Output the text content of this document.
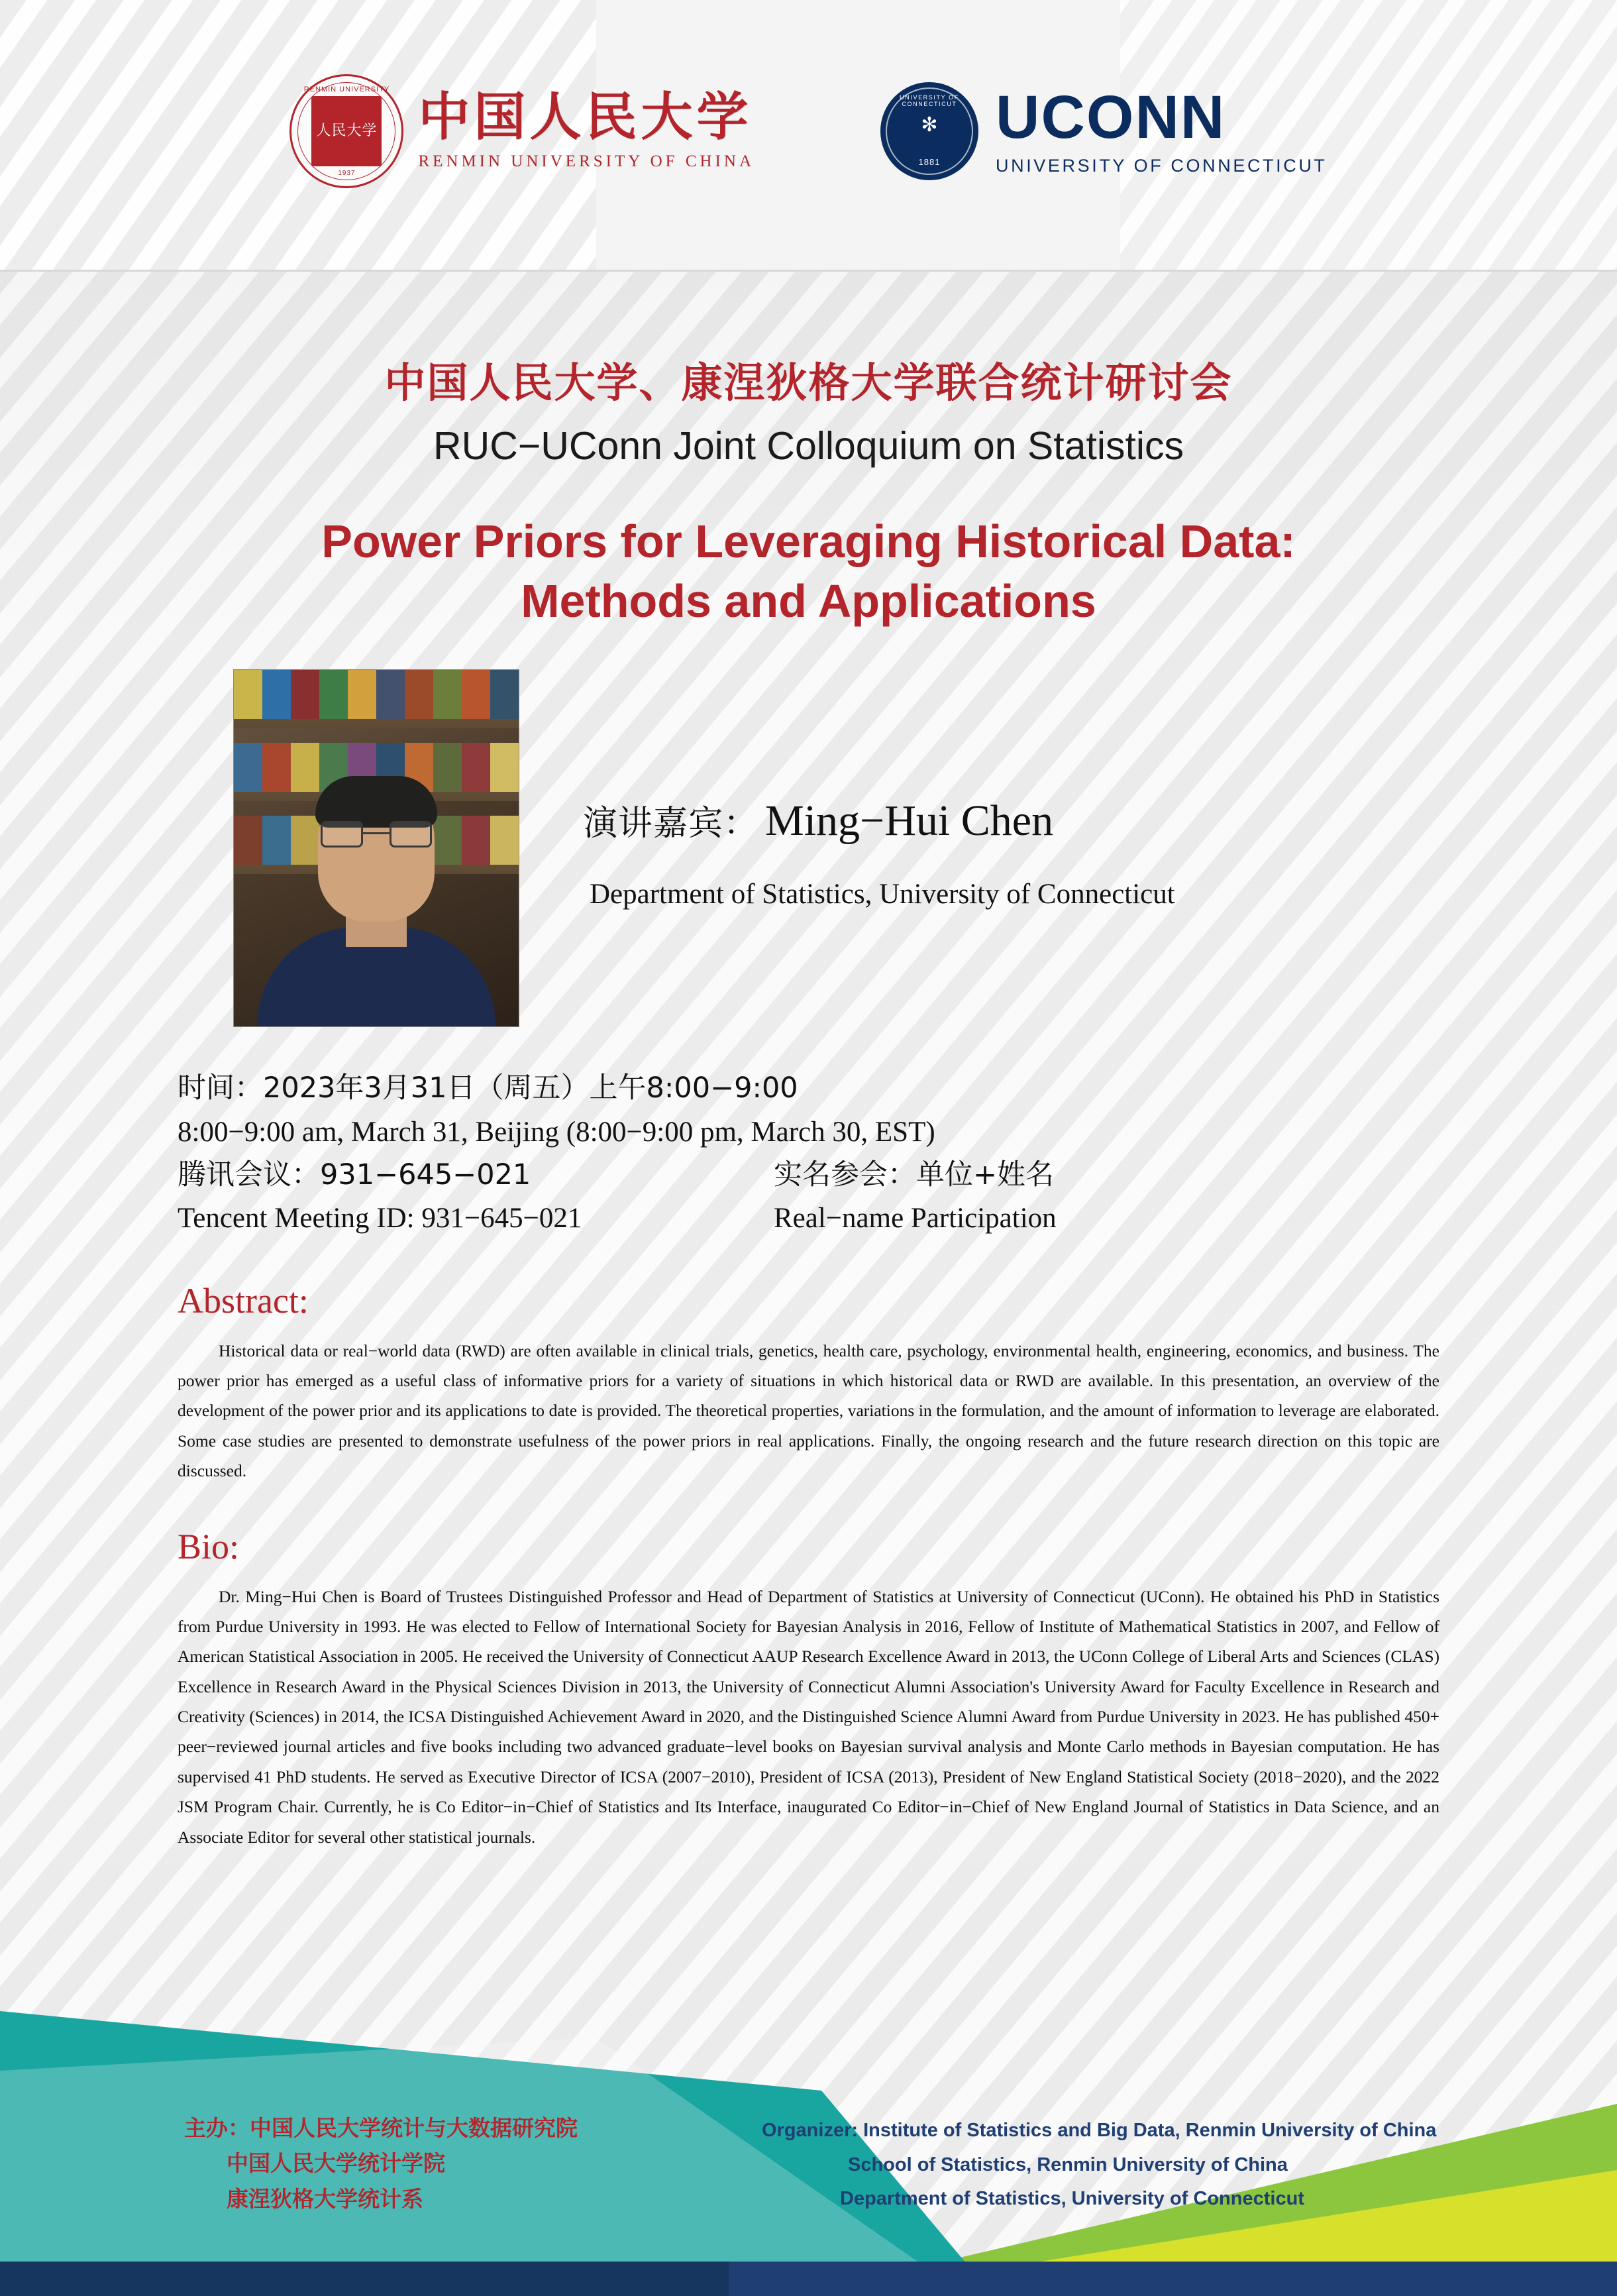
RENMIN UNIVERSITY
人民大学
1937
中国人民大学
RENMIN UNIVERSITY OF CHINA
UNIVERSITY OF CONNECTICUT
✻
1881
UCONN
UNIVERSITY OF CONNECTICUT
中国人民大学、康涅狄格大学联合统计研讨会
RUC−UConn Joint Colloquium on Statistics
Power Priors for Leveraging Historical Data:
Methods and Applications
演讲嘉宾： Ming−Hui Chen
Department of Statistics, University of Connecticut
时间：2023年3月31日（周五）上午8:00−9:00
8:00−9:00 am, March 31, Beijing (8:00−9:00 pm, March 30, EST)
腾讯会议：931−645−021	实名参会：单位+姓名
Tencent Meeting ID: 931−645−021	Real−name Participation
Abstract:

Historical data or real−world data (RWD) are often available in clinical trials, genetics, health care, psychology, environmental health, engineering, economics, and business. The power prior has emerged as a useful class of informative priors for a variety of situations in which historical data or RWD are available. In this presentation, an overview of the development of the power prior and its applications to date is provided. The theoretical properties, variations in the formulation, and the amount of information to leverage are elaborated. Some case studies are presented to demonstrate usefulness of the power priors in real applications. Finally, the ongoing research and the future research direction on this topic are discussed.

Bio:

Dr. Ming−Hui Chen is Board of Trustees Distinguished Professor and Head of Department of Statistics at University of Connecticut (UConn). He obtained his PhD in Statistics from Purdue University in 1993. He was elected to Fellow of International Society for Bayesian Analysis in 2016, Fellow of Institute of Mathematical Statistics in 2007, and Fellow of American Statistical Association in 2005. He received the University of Connecticut AAUP Research Excellence Award in 2013, the UConn College of Liberal Arts and Sciences (CLAS) Excellence in Research Award in the Physical Sciences Division in 2013, the University of Connecticut Alumni Association's University Award for Faculty Excellence in Research and Creativity (Sciences) in 2014, the ICSA Distinguished Achievement Award in 2020, and the Distinguished Science Alumni Award from Purdue University in 2023. He has published 450+ peer−reviewed journal articles and five books including two advanced graduate−level books on Bayesian survival analysis and Monte Carlo methods in Bayesian computation. He has supervised 41 PhD students. He served as Executive Director of ICSA (2007−2010), President of ICSA (2013), President of New England Statistical Society (2018−2020), and the 2022 JSM Program Chair. Currently, he is Co Editor−in−Chief of Statistics and Its Interface, inaugurated Co Editor−in−Chief of New England Journal of Statistics in Data Science, and an Associate Editor for several other statistical journals.

主办：中国人民大学统计与大数据研究院
中国人民大学统计学院
康涅狄格大学统计系
Organizer: Institute of Statistics and Big Data, Renmin University of China
School of Statistics, Renmin University of China
Department of Statistics, University of Connecticut
